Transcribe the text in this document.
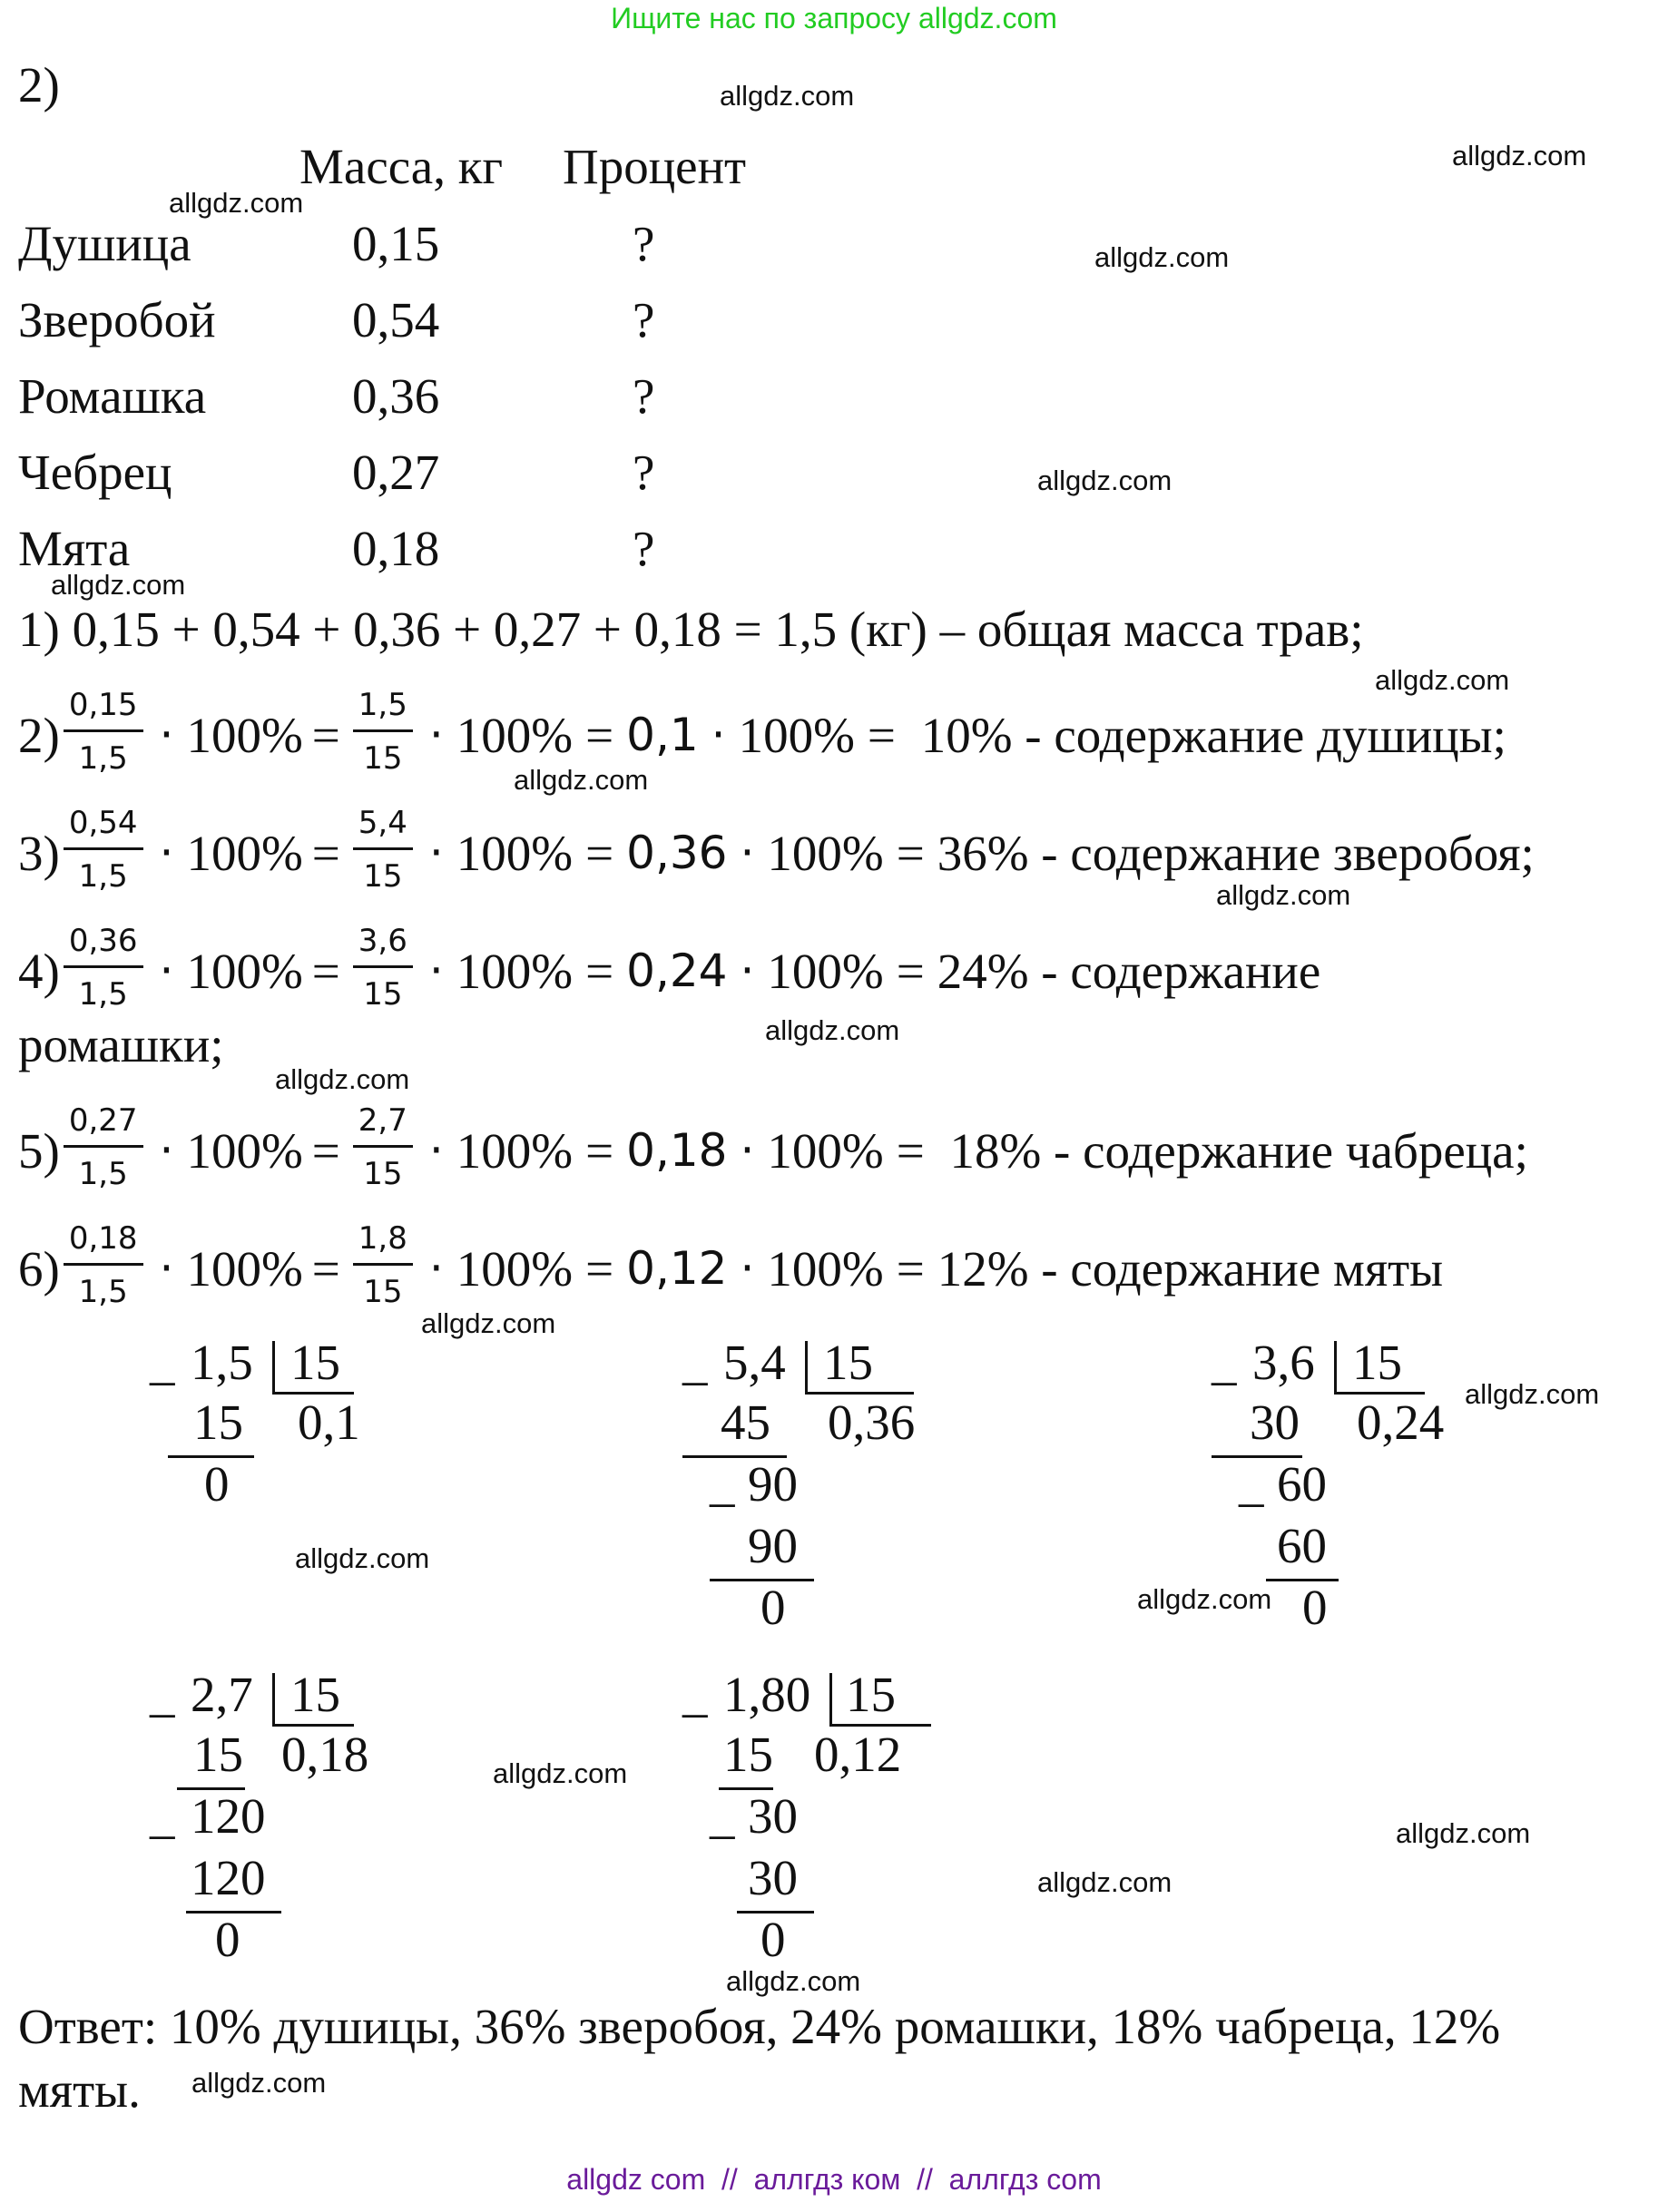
Ищите нас по запросу allgdz.com
2)
Масса, кг Процент
Душица	0,15	?
Зверобой	0,54	?
Ромашка	0,36	?
Чебрец	0,27	?
Мята	0,18	?
1) 0,15 + 0,54 + 0,36 + 0,27 + 0,18 = 1,5 (кг) – общая масса трав;
$2) \frac{0,15}{1,5} \cdot 100\% = \frac{1,5}{15} \cdot 100\% = 0,1 \cdot 100\% = 10\%$ - содержание душицы;
$3) \frac{0,54}{1,5} \cdot 100\% = \frac{5,4}{15} \cdot 100\% = 0,36 \cdot 100\% = 36\%$ - содержание зверобоя;
$4) \frac{0,36}{1,5} \cdot 100\% = \frac{3,6}{15} \cdot 100\% = 0,24 \cdot 100\% = 24\%$ - содержание
ромашки;
$5) \frac{0,27}{1,5} \cdot 100\% = \frac{2,7}{15} \cdot 100\% = 0,18 \cdot 100\% = 18\%$ - содержание чабреца;
$6) \frac{0,18}{1,5} \cdot 100\% = \frac{1,8}{15} \cdot 100\% = 0,12 \cdot 100\% = 12\%$ - содержание мяты
_ 1,5 15
15 0,1
0
_ 5,4 15
45 0,36
_ 90
90
0
_ 3,6 15
30 0,24
_ 60
60
0
_ 2,7 15
15 0,18
_ 120
120
0
_ 1,80 15
15 0,12
_ 30
30
0
Ответ: 10% душицы, 36% зверобоя, 24% ромашки, 18% чабреца, 12%
мяты.
allgdz.com
allgdz.com
allgdz.com
allgdz.com
allgdz.com
allgdz.com
allgdz.com
allgdz.com
allgdz.com
allgdz.com
allgdz.com
allgdz.com
allgdz.com
allgdz.com
allgdz.com
allgdz.com
allgdz.com
allgdz.com
allgdz.com
allgdz.com
allgdz com  //  аллгдз ком  //  аллгдз com
